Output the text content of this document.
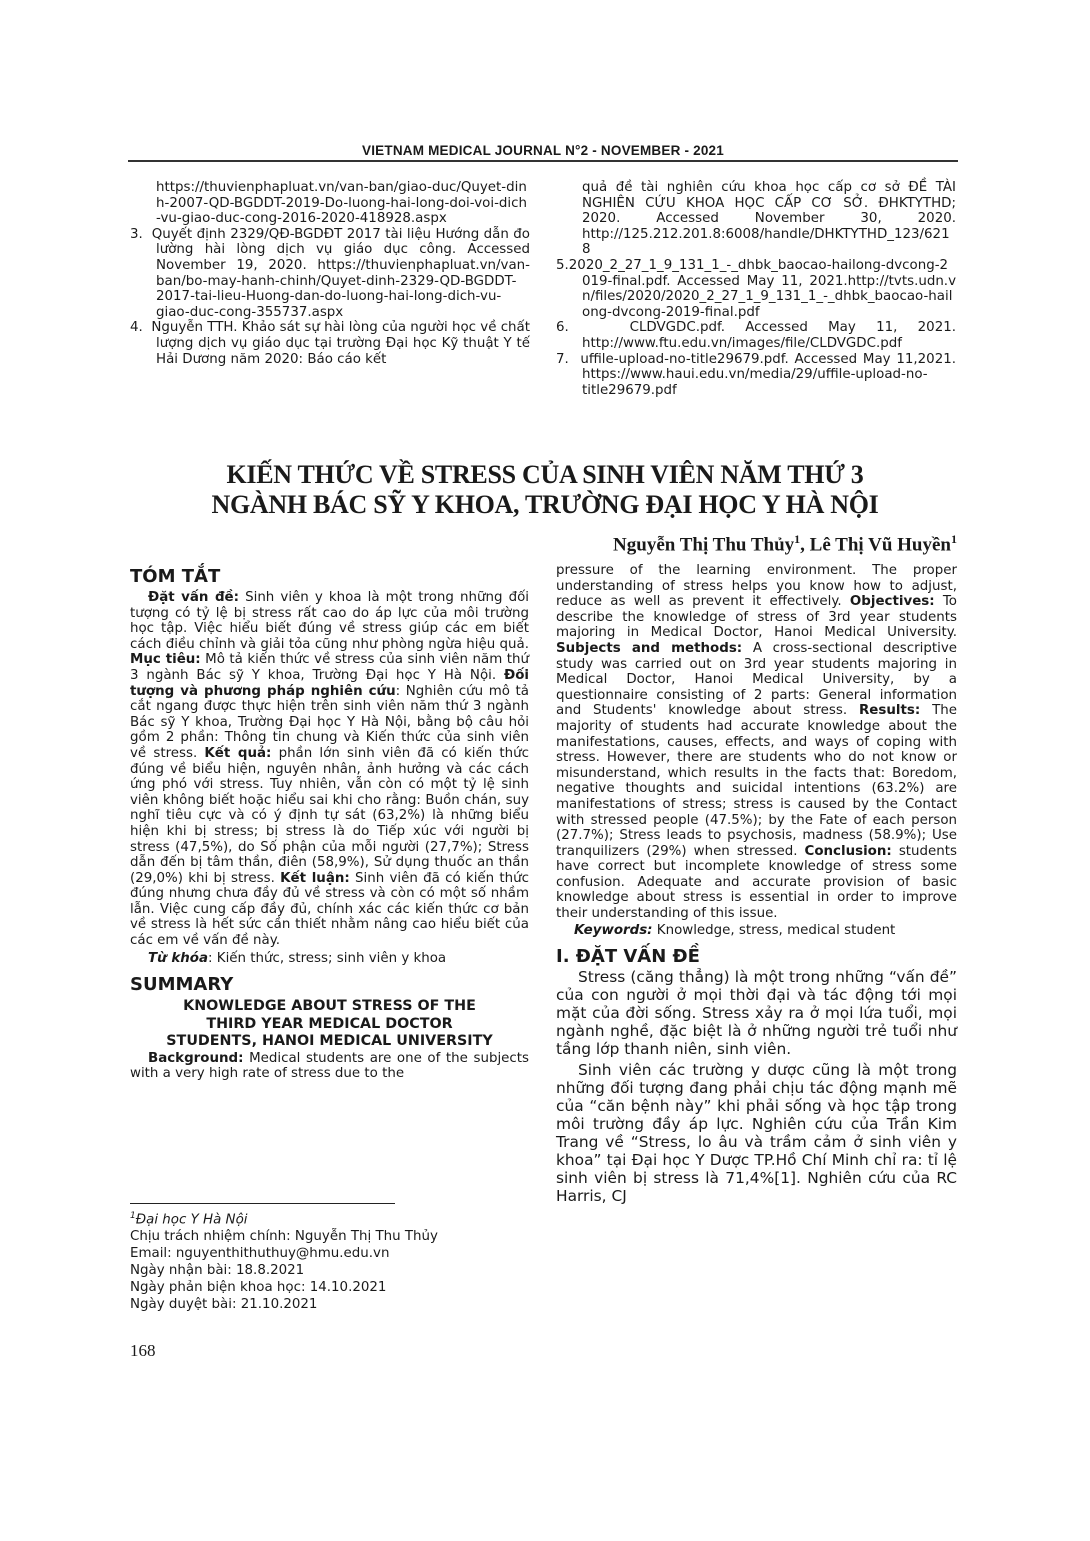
VIETNAM MEDICAL JOURNAL N°2 - NOVEMBER - 2021
https://thuvienphapluat.vn/van-ban/giao-duc/Quyet-dinh-2007-QD-BGDDT-2019-Do-luong-hai-long-doi-voi-dich-vu-giao-duc-cong-2016-2020-418928.aspx
3. Quyết định 2329/QĐ-BGDĐT 2017 tài liệu Hướng dẫn đo lường hài lòng dịch vụ giáo dục công. Accessed November 19, 2020. https://thuvienphapluat.vn/van-ban/bo-may-hanh-chinh/Quyet-dinh-2329-QD-BGDDT-2017-tai-lieu-Huong-dan-do-luong-hai-long-dich-vu-giao-duc-cong-355737.aspx
4. Nguyễn TTH. Khảo sát sự hài lòng của người học về chất lượng dịch vụ giáo dục tại trường Đại học Kỹ thuật Y tế Hải Dương năm 2020: Báo cáo kết
quả đề tài nghiên cứu khoa học cấp cơ sở ĐỀ TÀI NGHIÊN CỨU KHOA HỌC CẤP CƠ SỞ. ĐHKTYTHD; 2020. Accessed November 30, 2020. http://125.212.201.8:6008/handle/DHKTYTHD_123/6218
5.2020_2_27_1_9_131_1_-_dhbk_baocao-hailong-dvcong-2019-final.pdf. Accessed May 11, 2021.http://tvts.udn.vn/files/2020/2020_2_27_1_9_131_1_-_dhbk_baocao-hailong-dvcong-2019-final.pdf
6.	CLDVGDC.pdf. Accessed May 11, 2021. http://www.ftu.edu.vn/images/file/CLDVGDC.pdf
7. uffile-upload-no-title29679.pdf. Accessed May 11,2021. https://www.haui.edu.vn/media/29/uffile-upload-no-title29679.pdf
KIẾN THỨC VỀ STRESS CỦA SINH VIÊN NĂM THỨ 3
NGÀNH BÁC SỸ Y KHOA, TRƯỜNG ĐẠI HỌC Y HÀ NỘI
Nguyễn Thị Thu Thủy$^1$, Lê Thị Vũ Huyền$^1$
TÓM TẮT

Đặt vấn đề: Sinh viên y khoa là một trong những đối tượng có tỷ lệ bị stress rất cao do áp lực của môi trường học tập. Việc hiểu biết đúng về stress giúp các em biết cách điều chỉnh và giải tỏa cũng như phòng ngừa hiệu quả. Mục tiêu: Mô tả kiến thức về stress của sinh viên năm thứ 3 ngành Bác sỹ Y khoa, Trường Đại học Y Hà Nội. Đối tượng và phương pháp nghiên cứu: Nghiên cứu mô tả cắt ngang được thực hiện trên sinh viên năm thứ 3 ngành Bác sỹ Y khoa, Trường Đại học Y Hà Nội, bằng bộ câu hỏi gồm 2 phần: Thông tin chung và Kiến thức của sinh viên về stress. Kết quả: phần lớn sinh viên đã có kiến thức đúng về biểu hiện, nguyên nhân, ảnh hưởng và các cách ứng phó với stress. Tuy nhiên, vẫn còn có một tỷ lệ sinh viên không biết hoặc hiểu sai khi cho rằng: Buồn chán, suy nghĩ tiêu cực và có ý định tự sát (63,2%) là những biểu hiện khi bị stress; bị stress là do Tiếp xúc với người bị stress (47,5%), do Số phận của mỗi người (27,7%); Stress dẫn đến bị tâm thần, điên (58,9%), Sử dụng thuốc an thần (29,0%) khi bị stress. Kết luận: Sinh viên đã có kiến thức đúng nhưng chưa đầy đủ về stress và còn có một số nhầm lẫn. Việc cung cấp đầy đủ, chính xác các kiến thức cơ bản về stress là hết sức cần thiết nhằm nâng cao hiểu biết của các em về vấn đề này.

Từ khóa: Kiến thức, stress; sinh viên y khoa

SUMMARY
KNOWLEDGE ABOUT STRESS OF THE
THIRD YEAR MEDICAL DOCTOR
STUDENTS, HANOI MEDICAL UNIVERSITY

Background: Medical students are one of the subjects with a very high rate of stress due to the

$^1$Đại học Y Hà Nội
Chịu trách nhiệm chính: Nguyễn Thị Thu Thủy
Email: nguyenthithuthuy@hmu.edu.vn
Ngày nhận bài: 18.8.2021
Ngày phản biện khoa học: 14.10.2021
Ngày duyệt bài: 21.10.2021
168

pressure of the learning environment. The proper understanding of stress helps you know how to adjust, reduce as well as prevent it effectively. Objectives: To describe the knowledge of stress of 3rd year students majoring in Medical Doctor, Hanoi Medical University. Subjects and methods: A cross-sectional descriptive study was carried out on 3rd year students majoring in Medical Doctor, Hanoi Medical University, by a questionnaire consisting of 2 parts: General information and Students' knowledge about stress. Results: The majority of students had accurate knowledge about the manifestations, causes, effects, and ways of coping with stress. However, there are students who do not know or misunderstand, which results in the facts that: Boredom, negative thoughts and suicidal intentions (63.2%) are manifestations of stress; stress is caused by the Contact with stressed people (47.5%); by the Fate of each person (27.7%); Stress leads to psychosis, madness (58.9%); Use tranquilizers (29%) when stressed. Conclusion: students have correct but incomplete knowledge of stress some confusion. Adequate and accurate provision of basic knowledge about stress is essential in order to improve their understanding of this issue.

Keywords: Knowledge, stress, medical student

I. ĐẶT VẤN ĐỀ

Stress (căng thẳng) là một trong những “vấn đề” của con người ở mọi thời đại và tác động tới mọi mặt của đời sống. Stress xảy ra ở mọi lứa tuổi, mọi ngành nghề, đặc biệt là ở những người trẻ tuổi như tầng lớp thanh niên, sinh viên.

Sinh viên các trường y dược cũng là một trong những đối tượng đang phải chịu tác động mạnh mẽ của “căn bệnh này” khi phải sống và học tập trong môi trường đầy áp lực. Nghiên cứu của Trần Kim Trang về “Stress, lo âu và trầm cảm ở sinh viên y khoa” tại Đại học Y Dược TP.Hồ Chí Minh chỉ ra: tỉ lệ sinh viên bị stress là 71,4%[1]. Nghiên cứu của RC Harris, CJ
